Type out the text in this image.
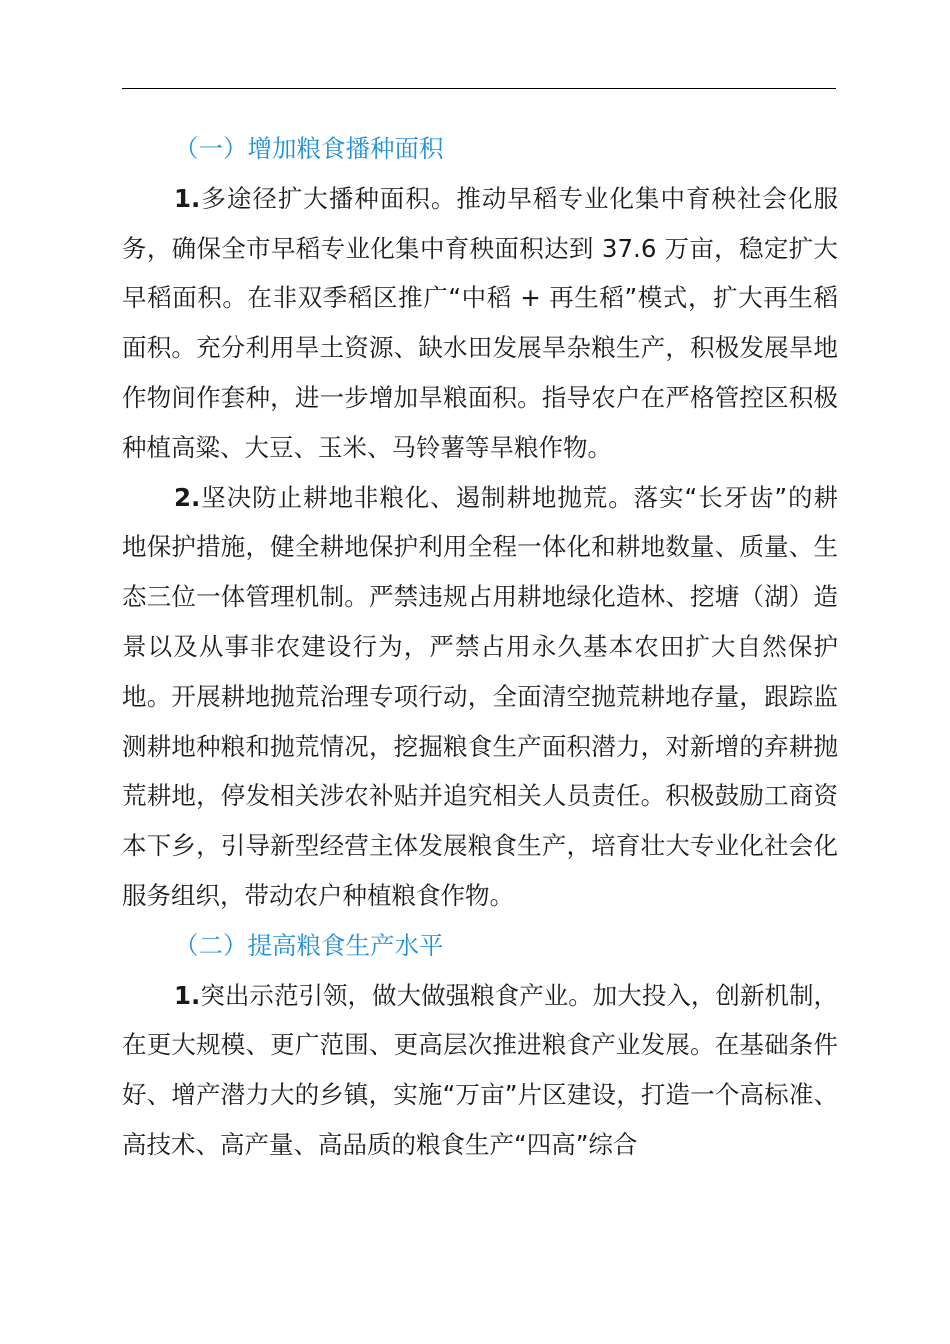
（一）增加粮食播种面积

1.多途径扩大播种面积。推动早稻专业化集中育秧社会化服务，确保全市早稻专业化集中育秧面积达到 37.6 万亩，稳定扩大早稻面积。在非双季稻区推广“中稻 + 再生稻”模式，扩大再生稻面积。充分利用旱土资源、缺水田发展旱杂粮生产，积极发展旱地作物间作套种，进一步增加旱粮面积。指导农户在严格管控区积极种植高粱、大豆、玉米、马铃薯等旱粮作物。

2.坚决防止耕地非粮化、遏制耕地抛荒。落实“长牙齿”的耕地保护措施，健全耕地保护利用全程一体化和耕地数量、质量、生态三位一体管理机制。严禁违规占用耕地绿化造林、挖塘（湖）造景以及从事非农建设行为，严禁占用永久基本农田扩大自然保护地。开展耕地抛荒治理专项行动，全面清空抛荒耕地存量，跟踪监测耕地种粮和抛荒情况，挖掘粮食生产面积潜力，对新增的弃耕抛荒耕地，停发相关涉农补贴并追究相关人员责任。积极鼓励工商资本下乡，引导新型经营主体发展粮食生产，培育壮大专业化社会化服务组织，带动农户种植粮食作物。

（二）提高粮食生产水平

1.突出示范引领，做大做强粮食产业。加大投入，创新机制，在更大规模、更广范围、更高层次推进粮食产业发展。在基础条件好、增产潜力大的乡镇，实施“万亩”片区建设，打造一个高标准、高技术、高产量、高品质的粮食生产“四高”综合
